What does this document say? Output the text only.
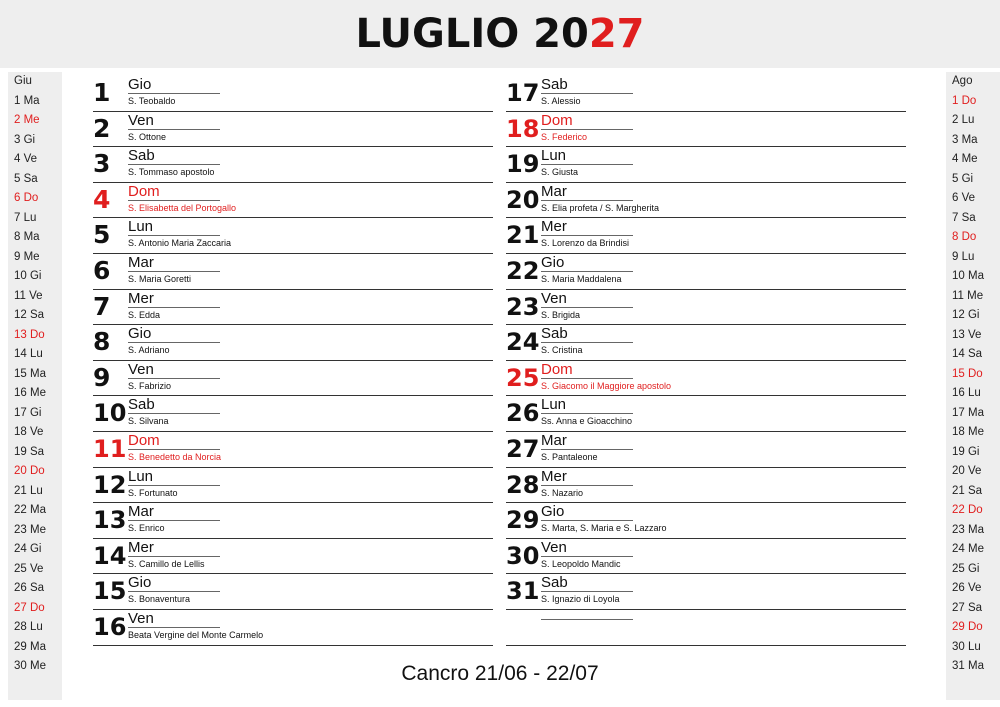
LUGLIO 2027
Giu
1 Ma
2 Me
3 Gi
4 Ve
5 Sa
6 Do
7 Lu
8 Ma
9 Me
10 Gi
11 Ve
12 Sa
13 Do
14 Lu
15 Ma
16 Me
17 Gi
18 Ve
19 Sa
20 Do
21 Lu
22 Ma
23 Me
24 Gi
25 Ve
26 Sa
27 Do
28 Lu
29 Ma
30 Me
Ago
1 Do
2 Lu
3 Ma
4 Me
5 Gi
6 Ve
7 Sa
8 Do
9 Lu
10 Ma
11 Me
12 Gi
13 Ve
14 Sa
15 Do
16 Lu
17 Ma
18 Me
19 Gi
20 Ve
21 Sa
22 Do
23 Ma
24 Me
25 Gi
26 Ve
27 Sa
29 Do
30 Lu
31 Ma
1	Gio
S. Teobaldo
2	Ven
S. Ottone
3	Sab
S. Tommaso apostolo
4	Dom
S. Elisabetta del Portogallo
5	Lun
S. Antonio Maria Zaccaria
6	Mar
S. Maria Goretti
7	Mer
S. Edda
8	Gio
S. Adriano
9	Ven
S. Fabrizio
10 Sab
S. Silvana
11 Dom
S. Benedetto da Norcia
12 Lun
S. Fortunato
13 Mar
S. Enrico
14 Mer
S. Camillo de Lellis
15 Gio
S. Bonaventura
16 Ven
Beata Vergine del Monte Carmelo
17 Sab
S. Alessio
18 Dom
S. Federico
19 Lun
S. Giusta
20 Mar
S. Elia profeta / S. Margherita
21 Mer
S. Lorenzo da Brindisi
22 Gio
S. Maria Maddalena
23 Ven
S. Brigida
24 Sab
S. Cristina
25 Dom
S. Giacomo il Maggiore apostolo
26 Lun
Ss. Anna e Gioacchino
27 Mar
S. Pantaleone
28 Mer
S. Nazario
29 Gio
S. Marta, S. Maria e S. Lazzaro
30 Ven
S. Leopoldo Mandic
31 Sab
S. Ignazio di Loyola
Cancro 21/06 - 22/07
